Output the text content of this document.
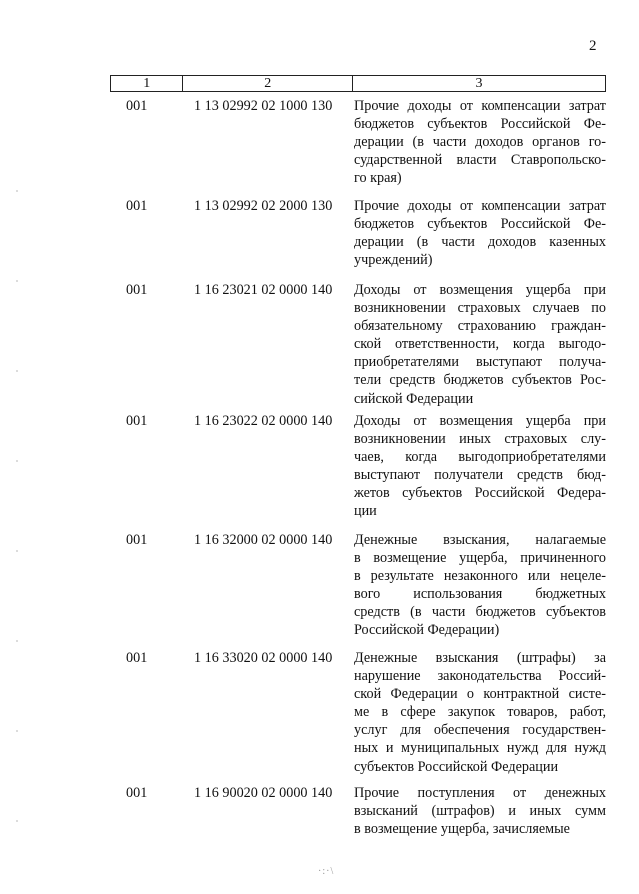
2
1	2	3
001	1 13 02992 02 1000 130	Прочие доходы от компенсации затрат
бюджетов субъектов Российской Фе-
дерации (в части доходов органов го-
сударственной власти Ставропольско-
го края)
001	1 13 02992 02 2000 130	Прочие доходы от компенсации затрат
бюджетов субъектов Российской Фе-
дерации (в части доходов казенных
учреждений)
001	1 16 23021 02 0000 140	Доходы от возмещения ущерба при
возникновении страховых случаев по
обязательному страхованию граждан-
ской ответственности, когда выгодо-
приобретателями выступают получа-
тели средств бюджетов субъектов Рос-
сийской Федерации
001	1 16 23022 02 0000 140	Доходы от возмещения ущерба при
возникновении иных страховых слу-
чаев, когда выгодоприобретателями
выступают получатели средств бюд-
жетов субъектов Российской Федера-
ции
001	1 16 32000 02 0000 140	Денежные взыскания, налагаемые
в возмещение ущерба, причиненного
в результате незаконного или нецеле-
вого использования бюджетных
средств (в части бюджетов субъектов
Российской Федерации)
001	1 16 33020 02 0000 140	Денежные взыскания (штрафы) за
нарушение законодательства Россий-
ской Федерации о контрактной систе-
ме в сфере закупок товаров, работ,
услуг для обеспечения государствен-
ных и муниципальных нужд для нужд
субъектов Российской Федерации
001	1 16 90020 02 0000 140	Прочие поступления от денежных
взысканий (штрафов) и иных сумм
в возмещение ущерба, зачисляемые
·:·\
